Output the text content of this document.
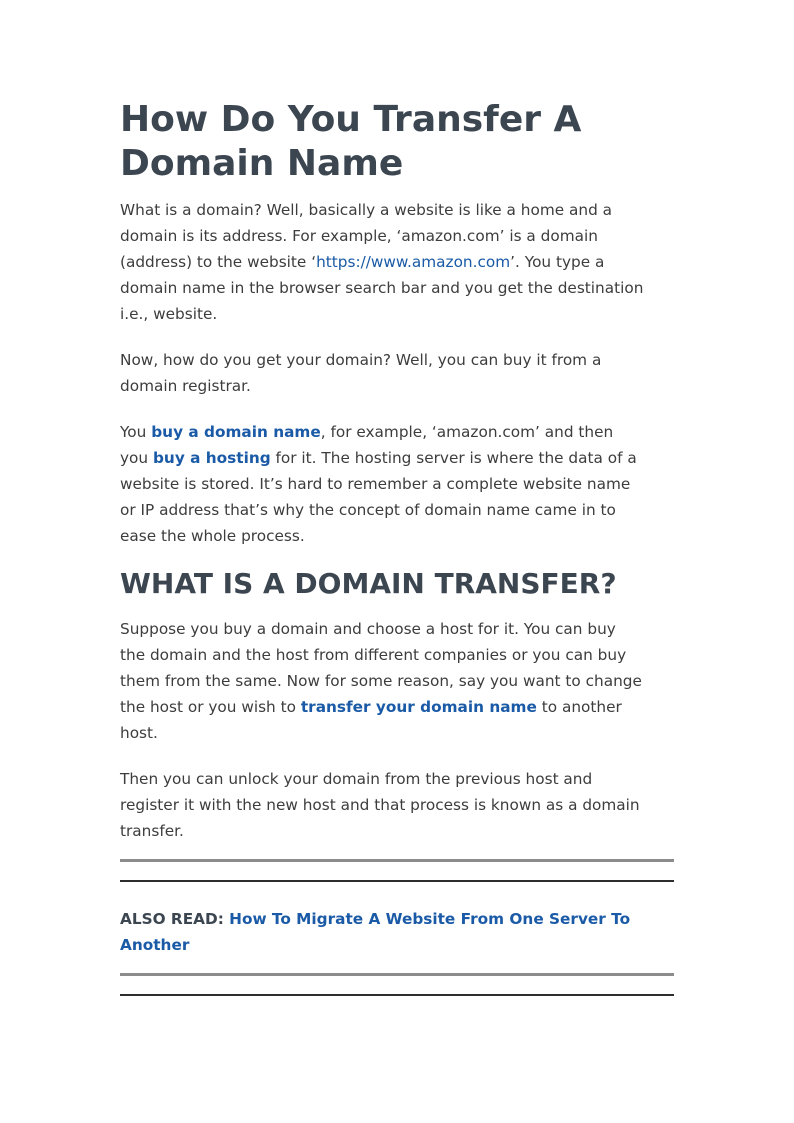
How Do You Transfer A Domain Name

What is a domain? Well, basically a website is like a home and a

domain is its address. For example, ‘amazon.com’ is a domain

(address) to the website ‘https://www.amazon.com’. You type a

domain name in the browser search bar and you get the destination

i.e., website.

Now, how do you get your domain? Well, you can buy it from a

domain registrar.

You buy a domain name, for example, ‘amazon.com’ and then

you buy a hosting for it. The hosting server is where the data of a

website is stored. It’s hard to remember a complete website name

or IP address that’s why the concept of domain name came in to

ease the whole process.

WHAT IS A DOMAIN TRANSFER?

Suppose you buy a domain and choose a host for it. You can buy

the domain and the host from different companies or you can buy

them from the same. Now for some reason, say you want to change

the host or you wish to transfer your domain name to another

host.

Then you can unlock your domain from the previous host and

register it with the new host and that process is known as a domain

transfer.

ALSO READ: How To Migrate A Website From One Server To
Another
